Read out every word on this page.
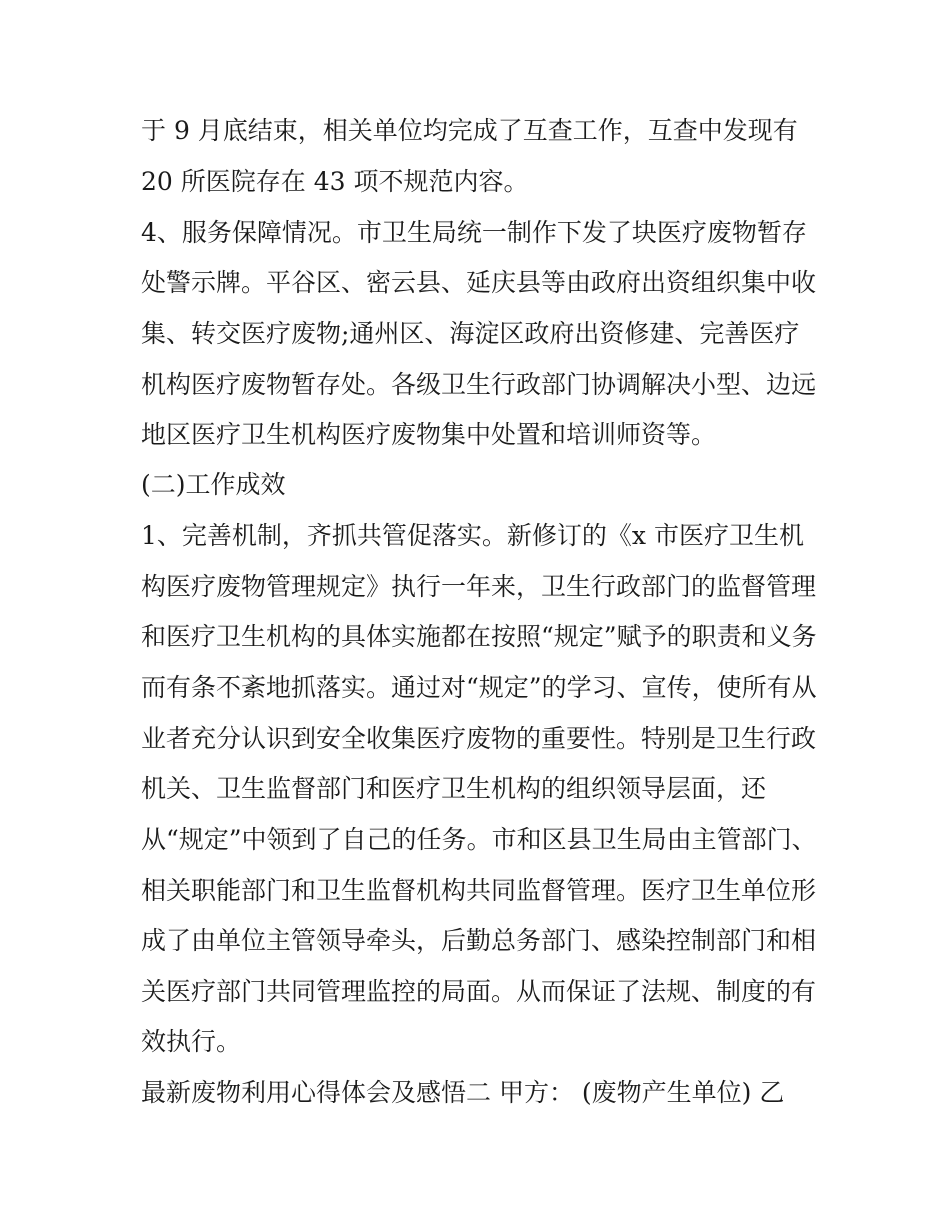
于 9 月底结束，相关单位均完成了互查工作，互查中发现有

20 所医院存在 43 项不规范内容。

4、服务保障情况。市卫生局统一制作下发了块医疗废物暂存

处警示牌。平谷区、密云县、延庆县等由政府出资组织集中收

集、转交医疗废物;通州区、海淀区政府出资修建、完善医疗

机构医疗废物暂存处。各级卫生行政部门协调解决小型、边远

地区医疗卫生机构医疗废物集中处置和培训师资等。

(二)工作成效

1、完善机制，齐抓共管促落实。新修订的《x 市医疗卫生机

构医疗废物管理规定》执行一年来，卫生行政部门的监督管理

和医疗卫生机构的具体实施都在按照“规定”赋予的职责和义务

而有条不紊地抓落实。通过对“规定”的学习、宣传，使所有从

业者充分认识到安全收集医疗废物的重要性。特别是卫生行政

机关、卫生监督部门和医疗卫生机构的组织领导层面，还

从“规定”中领到了自己的任务。市和区县卫生局由主管部门、

相关职能部门和卫生监督机构共同监督管理。医疗卫生单位形

成了由单位主管领导牵头，后勤总务部门、感染控制部门和相

关医疗部门共同管理监控的局面。从而保证了法规、制度的有

效执行。

最新废物利用心得体会及感悟二 甲方： (废物产生单位) 乙
